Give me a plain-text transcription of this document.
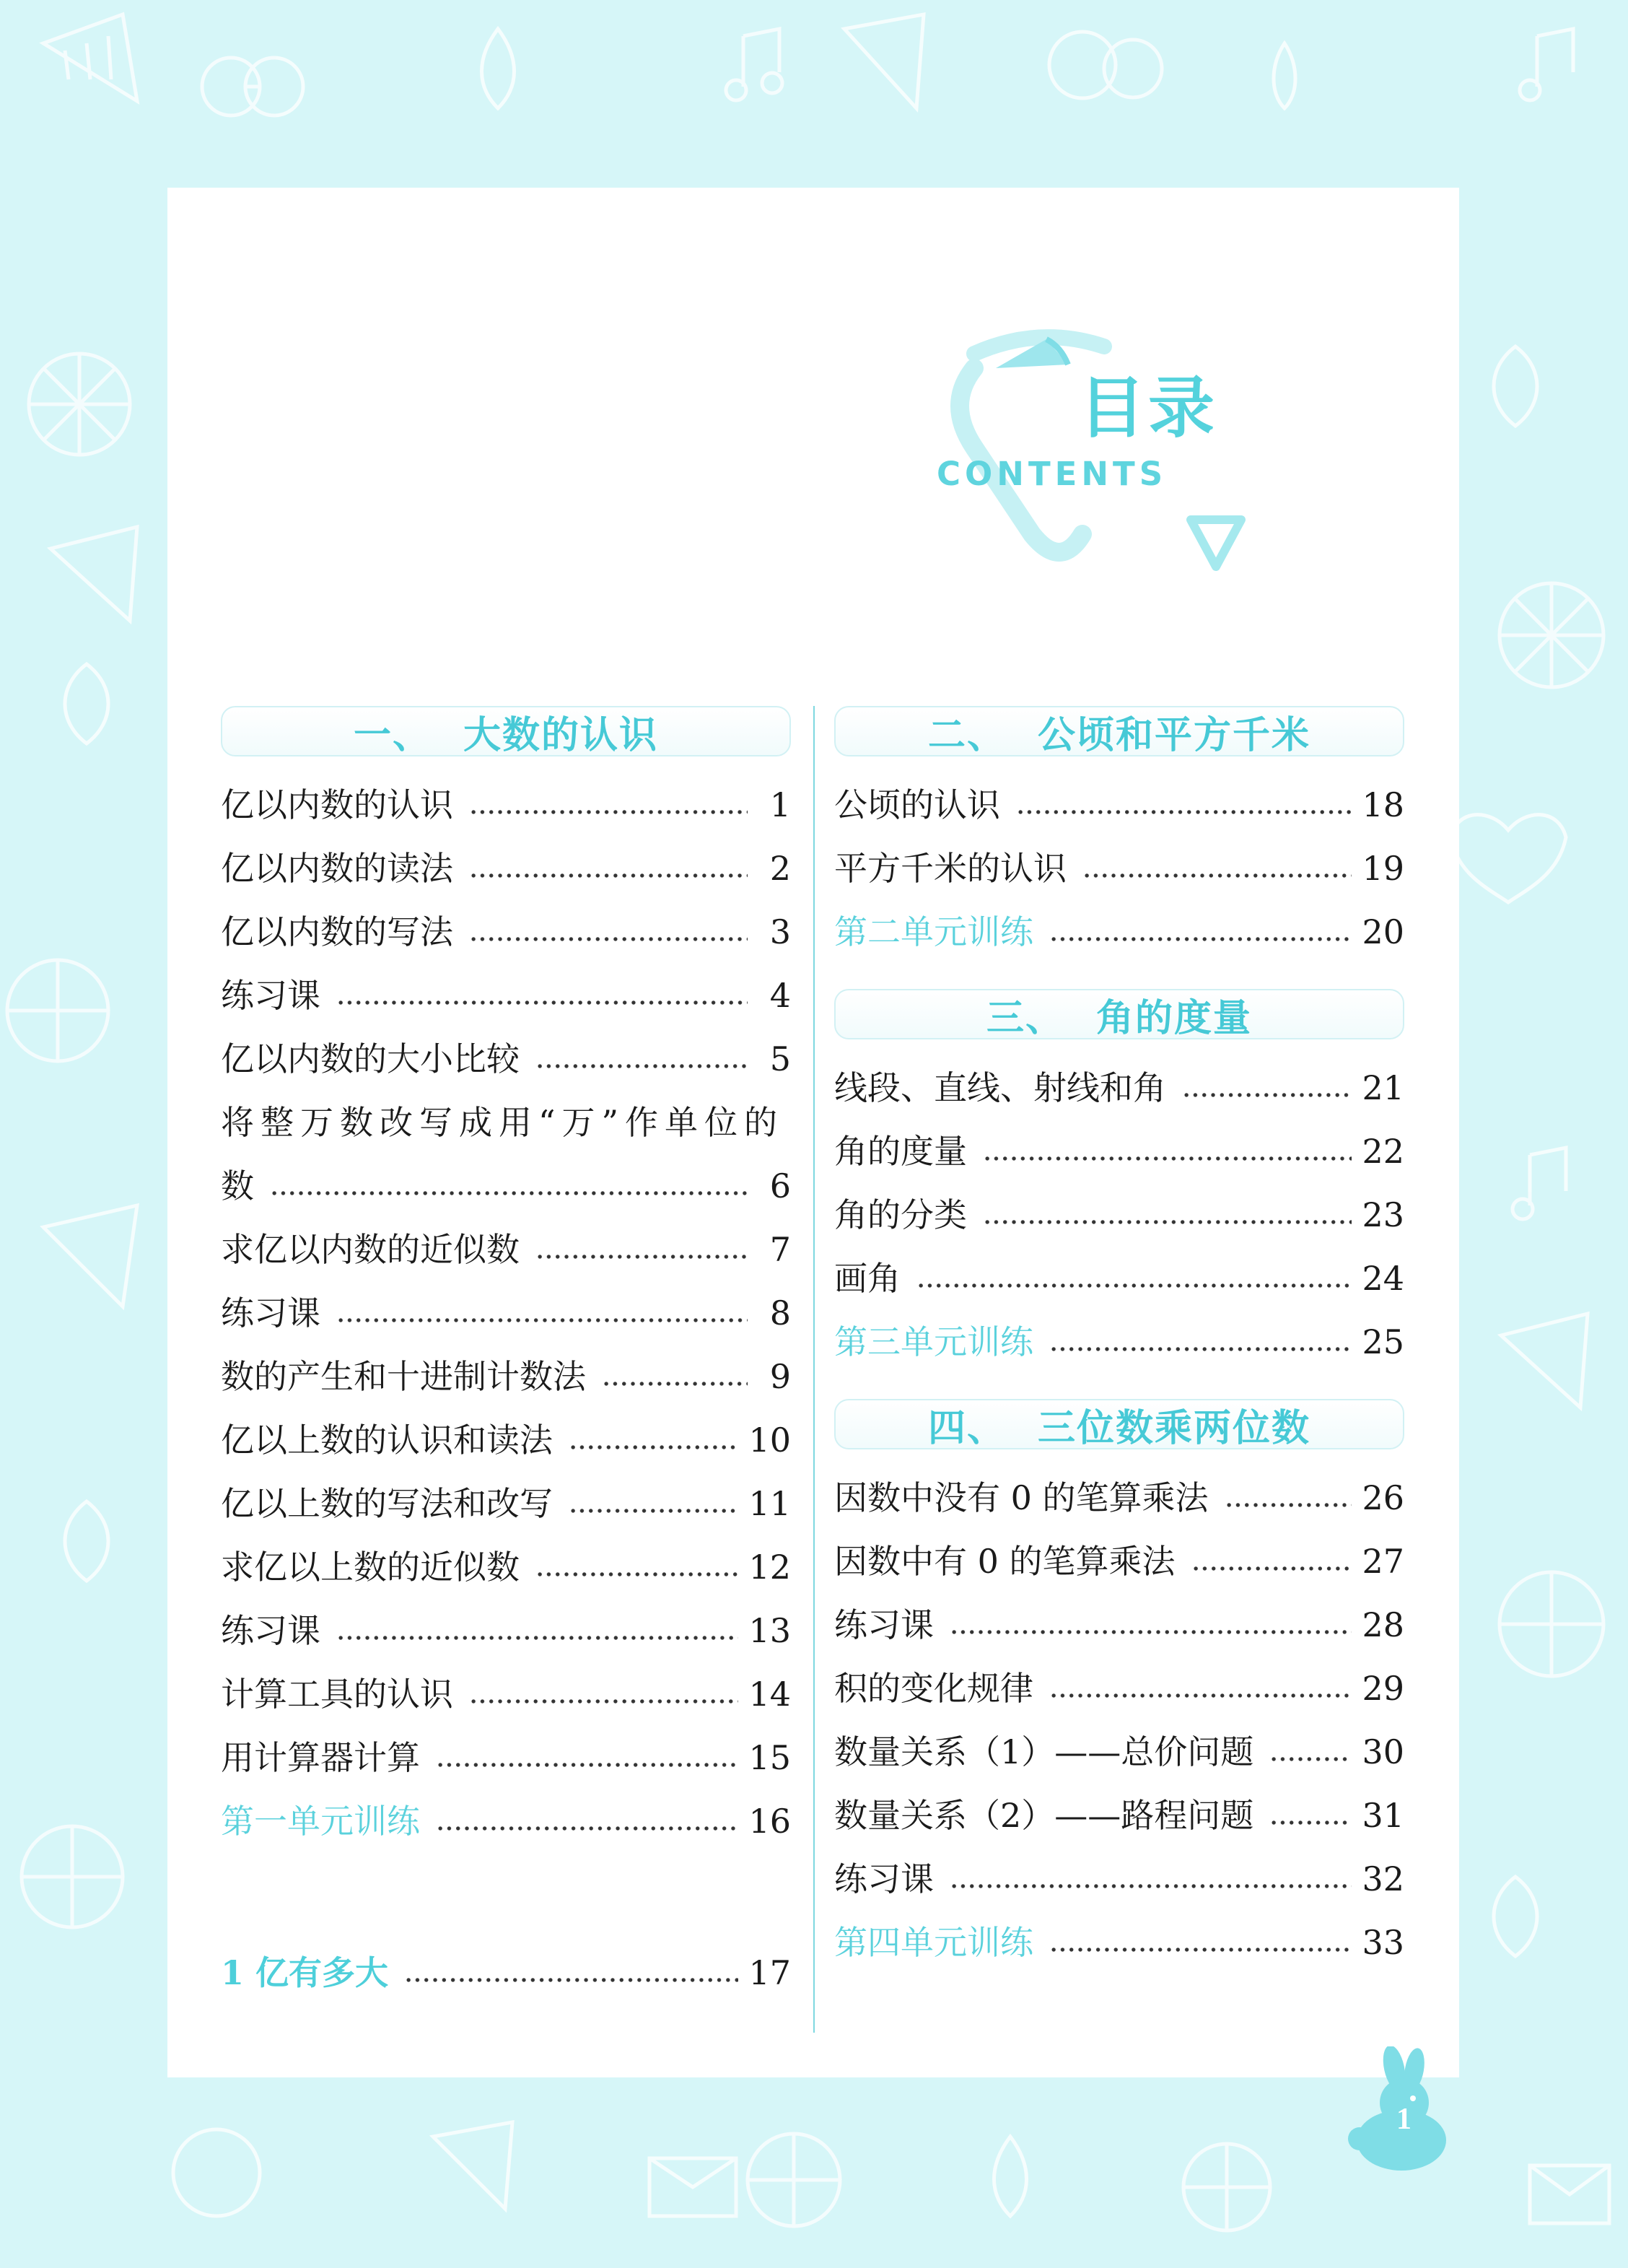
目录
CONTENTS
一 、 大数的认识
亿以内数的认识	1
亿以内数的读法	2
亿以内数的写法	3
练习课	4
亿以内数的大小比较	5
将整万数改写成用“万”作单位的
数	6
求亿以内数的近似数	7
练习课	8
数的产生和十进制计数法	9
亿以上数的认识和读法	10
亿以上数的写法和改写	11
求亿以上数的近似数	12
练习课	13
计算工具的认识	14
用计算器计算	15
第一单元训练	16
1 亿有多大	17
二 、 公顷和平方千米
公顷的认识	18
平方千米的认识	19
第二单元训练	20
三 、 角的度量
线段、直线、射线和角	21
角的度量	22
角的分类	23
画角	24
第三单元训练	25
四 、 三位数乘两位数
因数中没有 0 的笔算乘法	26
因数中有 0 的笔算乘法	27
练习课	28
积的变化规律	29
数量关系（1）——总价问题	30
数量关系（2）——路程问题	31
练习课	32
第四单元训练	33
1
